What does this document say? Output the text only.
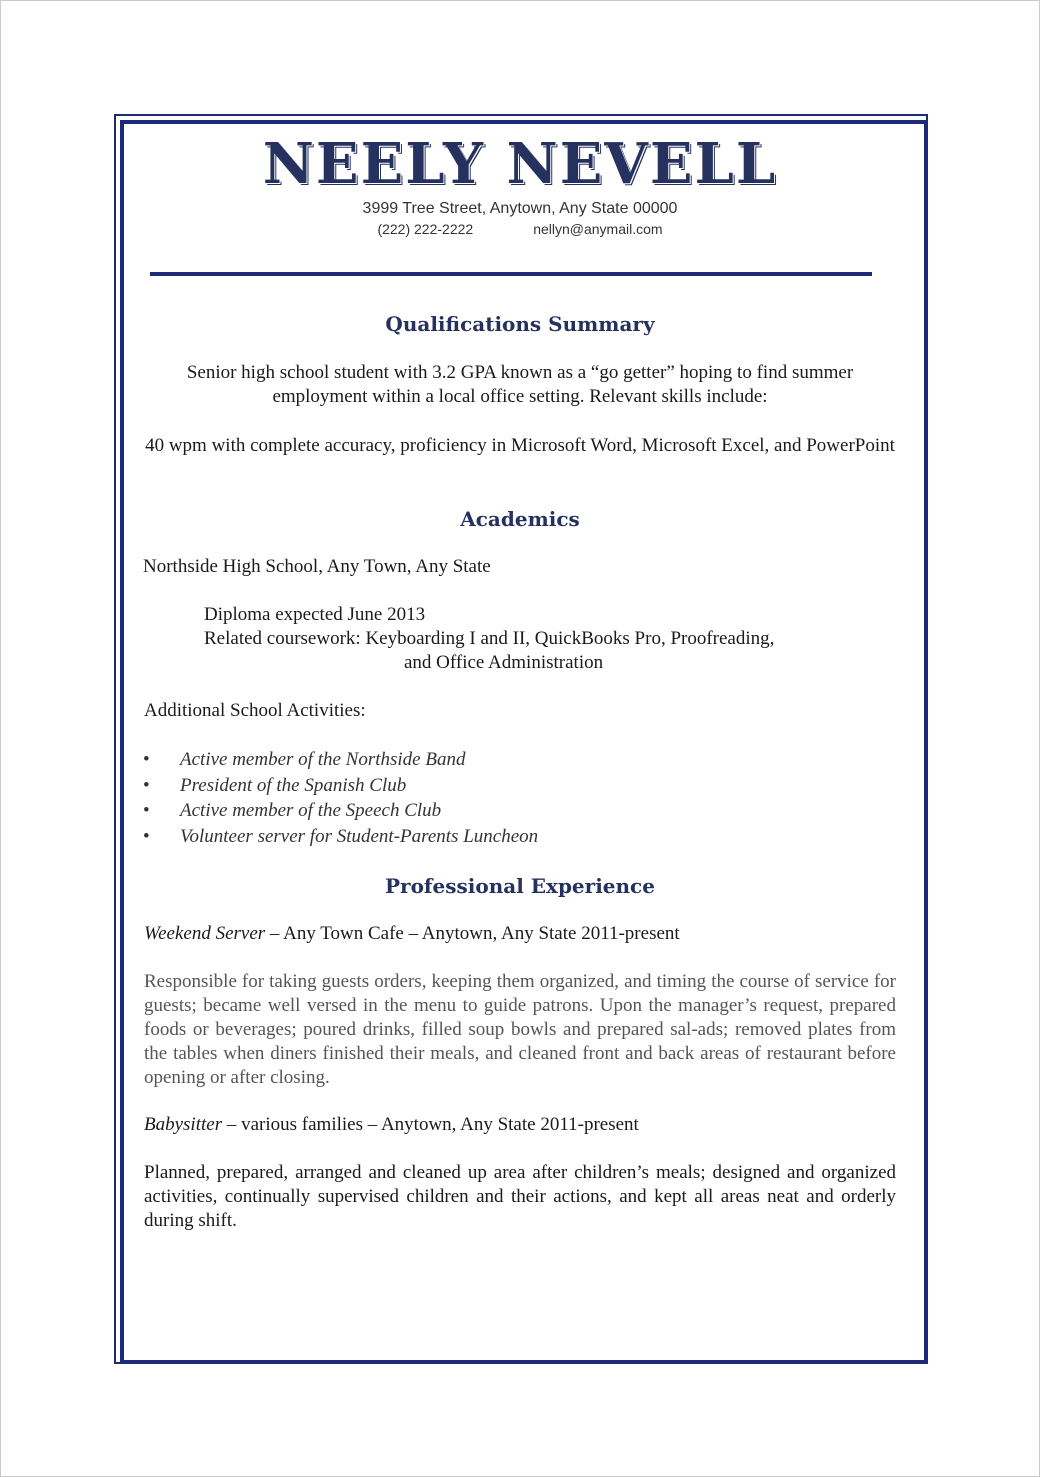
NEELY NEVELL
3999 Tree Street, Anytown, Any State 00000
(222) 222-2222	nellyn@anymail.com
Qualifications Summary
Senior high school student with 3.2 GPA known as a “go getter” hoping to find summer employment within a local office setting. Relevant skills include:
40 wpm with complete accuracy, proficiency in Microsoft Word, Microsoft Excel, and PowerPoint
Academics
Northside High School, Any Town, Any State
Diploma expected June 2013
Related coursework: Keyboarding I and II, QuickBooks Pro, Proofreading,
and Office Administration
Additional School Activities:
• Active member of the Northside Band
• President of the Spanish Club
• Active member of the Speech Club
• Volunteer server for Student-Parents Luncheon
Professional Experience
Weekend Server – Any Town Cafe – Anytown, Any State 2011-present
Responsible for taking guests orders, keeping them organized, and timing the course of service for guests; became well versed in the menu to guide patrons. Upon the manager’s request, prepared foods or beverages; poured drinks, filled soup bowls and prepared sal-ads; removed plates from the tables when diners finished their meals, and cleaned front and back areas of restaurant before opening or after closing.
Babysitter – various families – Anytown, Any State 2011-present
Planned, prepared, arranged and cleaned up area after children’s meals; designed and organized activities, continually supervised children and their actions, and kept all areas neat and orderly during shift.
